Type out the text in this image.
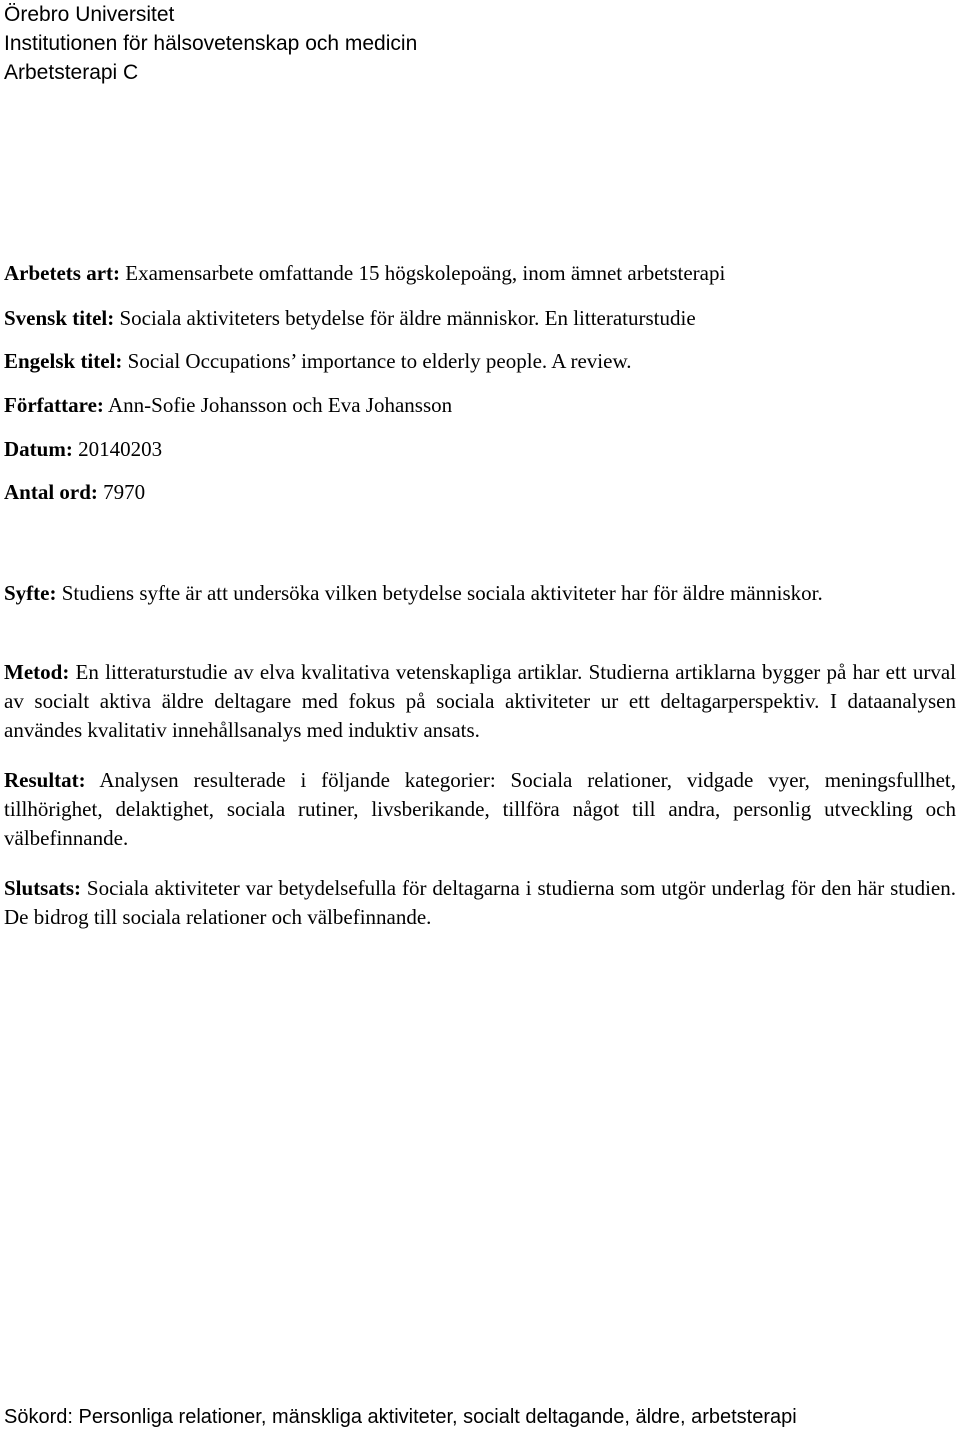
Örebro Universitet
Institutionen för hälsovetenskap och medicin
Arbetsterapi C
Arbetets art: Examensarbete omfattande 15 högskolepoäng, inom ämnet arbetsterapi
Svensk titel: Sociala aktiviteters betydelse för äldre människor. En litteraturstudie
Engelsk titel: Social Occupations’ importance to elderly people. A review.
Författare: Ann-Sofie Johansson och Eva Johansson
Datum: 20140203
Antal ord: 7970
Syfte: Studiens syfte är att undersöka vilken betydelse sociala aktiviteter har för äldre människor.
Metod: En litteraturstudie av elva kvalitativa vetenskapliga artiklar. Studierna artiklarna bygger på har ett urval av socialt aktiva äldre deltagare med fokus på sociala aktiviteter ur ett deltagarperspektiv. I dataanalysen användes kvalitativ innehållsanalys med induktiv ansats.
Resultat: Analysen resulterade i följande kategorier: Sociala relationer, vidgade vyer, meningsfullhet, tillhörighet, delaktighet, sociala rutiner, livsberikande, tillföra något till andra, personlig utveckling och välbefinnande.
Slutsats: Sociala aktiviteter var betydelsefulla för deltagarna i studierna som utgör underlag för den här studien. De bidrog till sociala relationer och välbefinnande.
Sökord: Personliga relationer, mänskliga aktiviteter, socialt deltagande, äldre, arbetsterapi
